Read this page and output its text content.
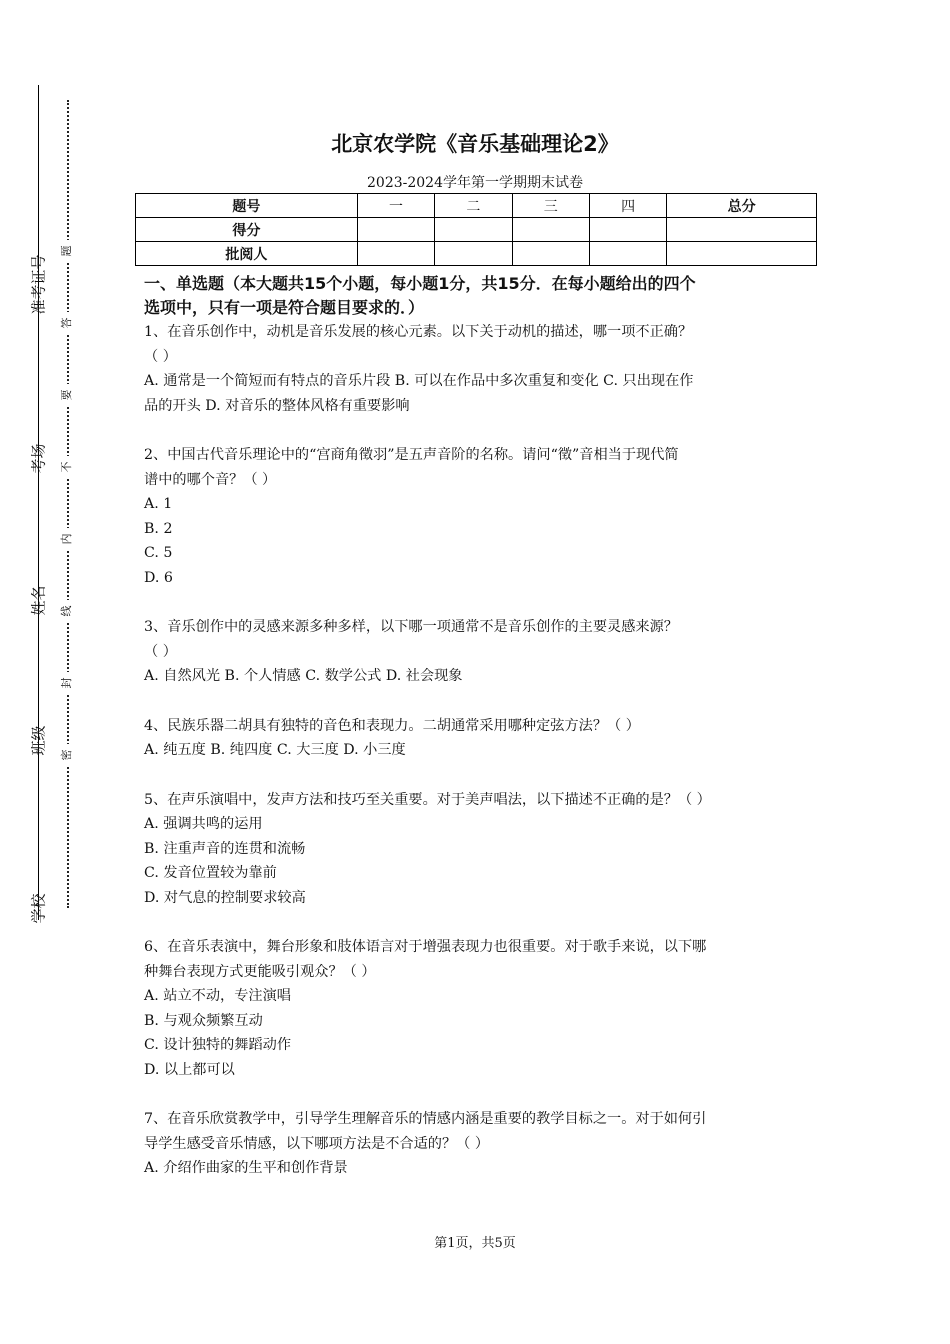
准考证号
考场
姓名
班级
学校
题
答
要
不
内
线
封
密
北京农学院《音乐基础理论2》
2023-2024学年第一学期期末试卷
题号	一	二	三	四	总分
得分					
批阅人					
一、单选题（本大题共15个小题，每小题1分，共15分．在每小题给出的四个
选项中，只有一项是符合题目要求的．）
1、在音乐创作中，动机是音乐发展的核心元素。以下关于动机的描述，哪一项不正确？
（ ）
A. 通常是一个简短而有特点的音乐片段 B. 可以在作品中多次重复和变化 C. 只出现在作
品的开头 D. 对音乐的整体风格有重要影响
2、中国古代音乐理论中的“宫商角徵羽”是五声音阶的名称。请问“徵”音相当于现代简
谱中的哪个音？（ ）
A. 1
B. 2
C. 5
D. 6
3、音乐创作中的灵感来源多种多样，以下哪一项通常不是音乐创作的主要灵感来源？
（ ）
A. 自然风光 B. 个人情感 C. 数学公式 D. 社会现象
4、民族乐器二胡具有独特的音色和表现力。二胡通常采用哪种定弦方法？（ ）
A. 纯五度 B. 纯四度 C. 大三度 D. 小三度
5、在声乐演唱中，发声方法和技巧至关重要。对于美声唱法，以下描述不正确的是？（ ）
A. 强调共鸣的运用
B. 注重声音的连贯和流畅
C. 发音位置较为靠前
D. 对气息的控制要求较高
6、在音乐表演中，舞台形象和肢体语言对于增强表现力也很重要。对于歌手来说，以下哪
种舞台表现方式更能吸引观众？（ ）
A. 站立不动，专注演唱
B. 与观众频繁互动
C. 设计独特的舞蹈动作
D. 以上都可以
7、在音乐欣赏教学中，引导学生理解音乐的情感内涵是重要的教学目标之一。对于如何引
导学生感受音乐情感，以下哪项方法是不合适的？（ ）
A. 介绍作曲家的生平和创作背景
第1页，共5页
